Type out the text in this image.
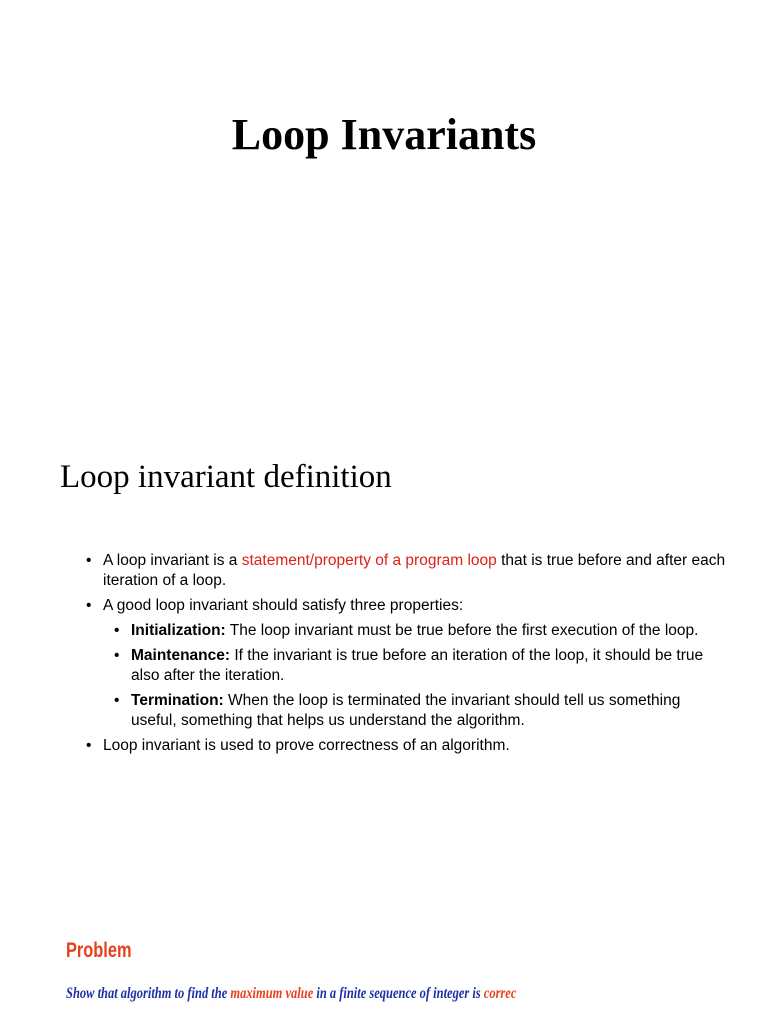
Loop Invariants
Loop invariant definition
• A loop invariant is a statement/property of a program loop that is true before and after each iteration of a loop.
• A good loop invariant should satisfy three properties:
• Initialization: The loop invariant must be true before the first execution of the loop.
• Maintenance: If the invariant is true before an iteration of the loop, it should be true also after the iteration.
• Termination: When the loop is terminated the invariant should tell us something useful, something that helps us understand the algorithm.
• Loop invariant is used to prove correctness of an algorithm.
Problem
Show that algorithm to find the maximum value in a finite sequence of integer is correc
